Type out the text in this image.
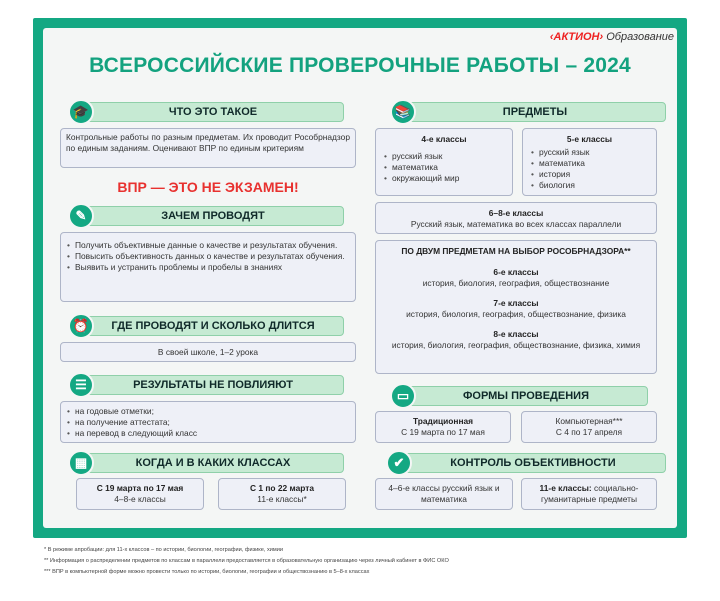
‹АКТИОН› Образование
ВСЕРОССИЙСКИЕ ПРОВЕРОЧНЫЕ РАБОТЫ – 2024
🎓	ЧТО ЭТО ТАКОЕ
Контрольные работы по разным предметам. Их проводит Рособрнадзор по единым заданиям. Оценивают ВПР по единым критериям
ВПР — ЭТО НЕ ЭКЗАМЕН!
✎	ЗАЧЕМ ПРОВОДЯТ
• Получить объективные данные о качестве и результатах обучения.
• Повысить объективность данных о качестве и результатах обучения.
• Выявить и устранить проблемы и пробелы в знаниях
⏰	ГДЕ ПРОВОДЯТ И СКОЛЬКО ДЛИТСЯ
В своей школе, 1–2 урока
☰	РЕЗУЛЬТАТЫ НЕ ПОВЛИЯЮТ
• на годовые отметки;
• на получение аттестата;
• на перевод в следующий класс
▦	КОГДА И В КАКИХ КЛАССАХ
С 19 марта по 17 мая
4–8-е классы
С 1 по 22 марта
11-е классы*
📚	ПРЕДМЕТЫ
4-е классы
• русский язык
• математика
• окружающий мир
5-е классы
• русский язык
• математика
• история
• биология
6–8-е классы
Русский язык, математика во всех классах параллели
ПО ДВУМ ПРЕДМЕТАМ НА ВЫБОР РОСОБРНАДЗОРА**
6-е классы
история, биология, география, обществознание
7-е классы
история, биология, география, обществознание, физика
8-е классы
история, биология, география, обществознание, физика, химия
▭	ФОРМЫ ПРОВЕДЕНИЯ
Традиционная
С 19 марта по 17 мая
Компьютерная***
С 4 по 17 апреля
✔	КОНТРОЛЬ ОБЪЕКТИВНОСТИ
4–6-е классы русский язык и математика
11-е классы: социально-гуманитарные предметы
* В режиме апробации: для 11-х классов – по истории, биологии, географии, физике, химии
** Информация о распределении предметов по классам в параллели предоставляется в образовательную организацию через личный кабинет в ФИС ОКО
*** ВПР в компьютерной форме можно провести только по истории, биологии, географии и обществознанию в 5–8-х классах
